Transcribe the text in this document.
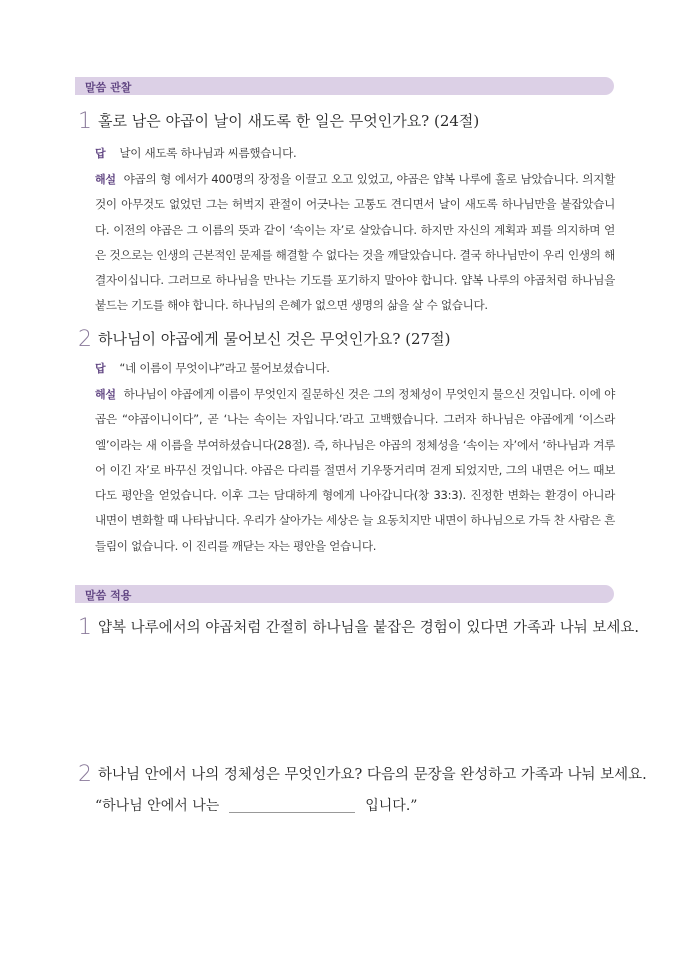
말씀 관찰
1 홀로 남은 야곱이 날이 새도록 한 일은 무엇인가요? (24절)
답 날이 새도록 하나님과 씨름했습니다.
해설 야곱의 형 에서가 400명의 장정을 이끌고 오고 있었고, 야곱은 얍복 나루에 홀로 남았습니다. 의지할 것이 아무것도 없었던 그는 허벅지 관절이 어긋나는 고통도 견디면서 날이 새도록 하나님만을 붙잡았습니다. 이전의 야곱은 그 이름의 뜻과 같이 ‘속이는 자’로 살았습니다. 하지만 자신의 계획과 꾀를 의지하며 얻은 것으로는 인생의 근본적인 문제를 해결할 수 없다는 것을 깨달았습니다. 결국 하나님만이 우리 인생의 해결자이십니다. 그러므로 하나님을 만나는 기도를 포기하지 말아야 합니다. 얍복 나루의 야곱처럼 하나님을 붙드는 기도를 해야 합니다. 하나님의 은혜가 없으면 생명의 삶을 살 수 없습니다.
2 하나님이 야곱에게 물어보신 것은 무엇인가요? (27절)
답 “네 이름이 무엇이냐”라고 물어보셨습니다.
해설 하나님이 야곱에게 이름이 무엇인지 질문하신 것은 그의 정체성이 무엇인지 물으신 것입니다. 이에 야곱은 “야곱이니이다”, 곧 ‘나는 속이는 자입니다.’라고 고백했습니다. 그러자 하나님은 야곱에게 ‘이스라엘’이라는 새 이름을 부여하셨습니다(28절). 즉, 하나님은 야곱의 정체성을 ‘속이는 자’에서 ‘하나님과 겨루어 이긴 자’로 바꾸신 것입니다. 야곱은 다리를 절면서 기우뚱거리며 걷게 되었지만, 그의 내면은 어느 때보다도 평안을 얻었습니다. 이후 그는 담대하게 형에게 나아갑니다(창 33:3). 진정한 변화는 환경이 아니라 내면이 변화할 때 나타납니다. 우리가 살아가는 세상은 늘 요동치지만 내면이 하나님으로 가득 찬 사람은 흔들림이 없습니다. 이 진리를 깨닫는 자는 평안을 얻습니다.
말씀 적용
1 얍복 나루에서의 야곱처럼 간절히 하나님을 붙잡은 경험이 있다면 가족과 나눠 보세요.
2 하나님 안에서 나의 정체성은 무엇인가요? 다음의 문장을 완성하고 가족과 나눠 보세요.
“하나님 안에서 나는	입니다.”
